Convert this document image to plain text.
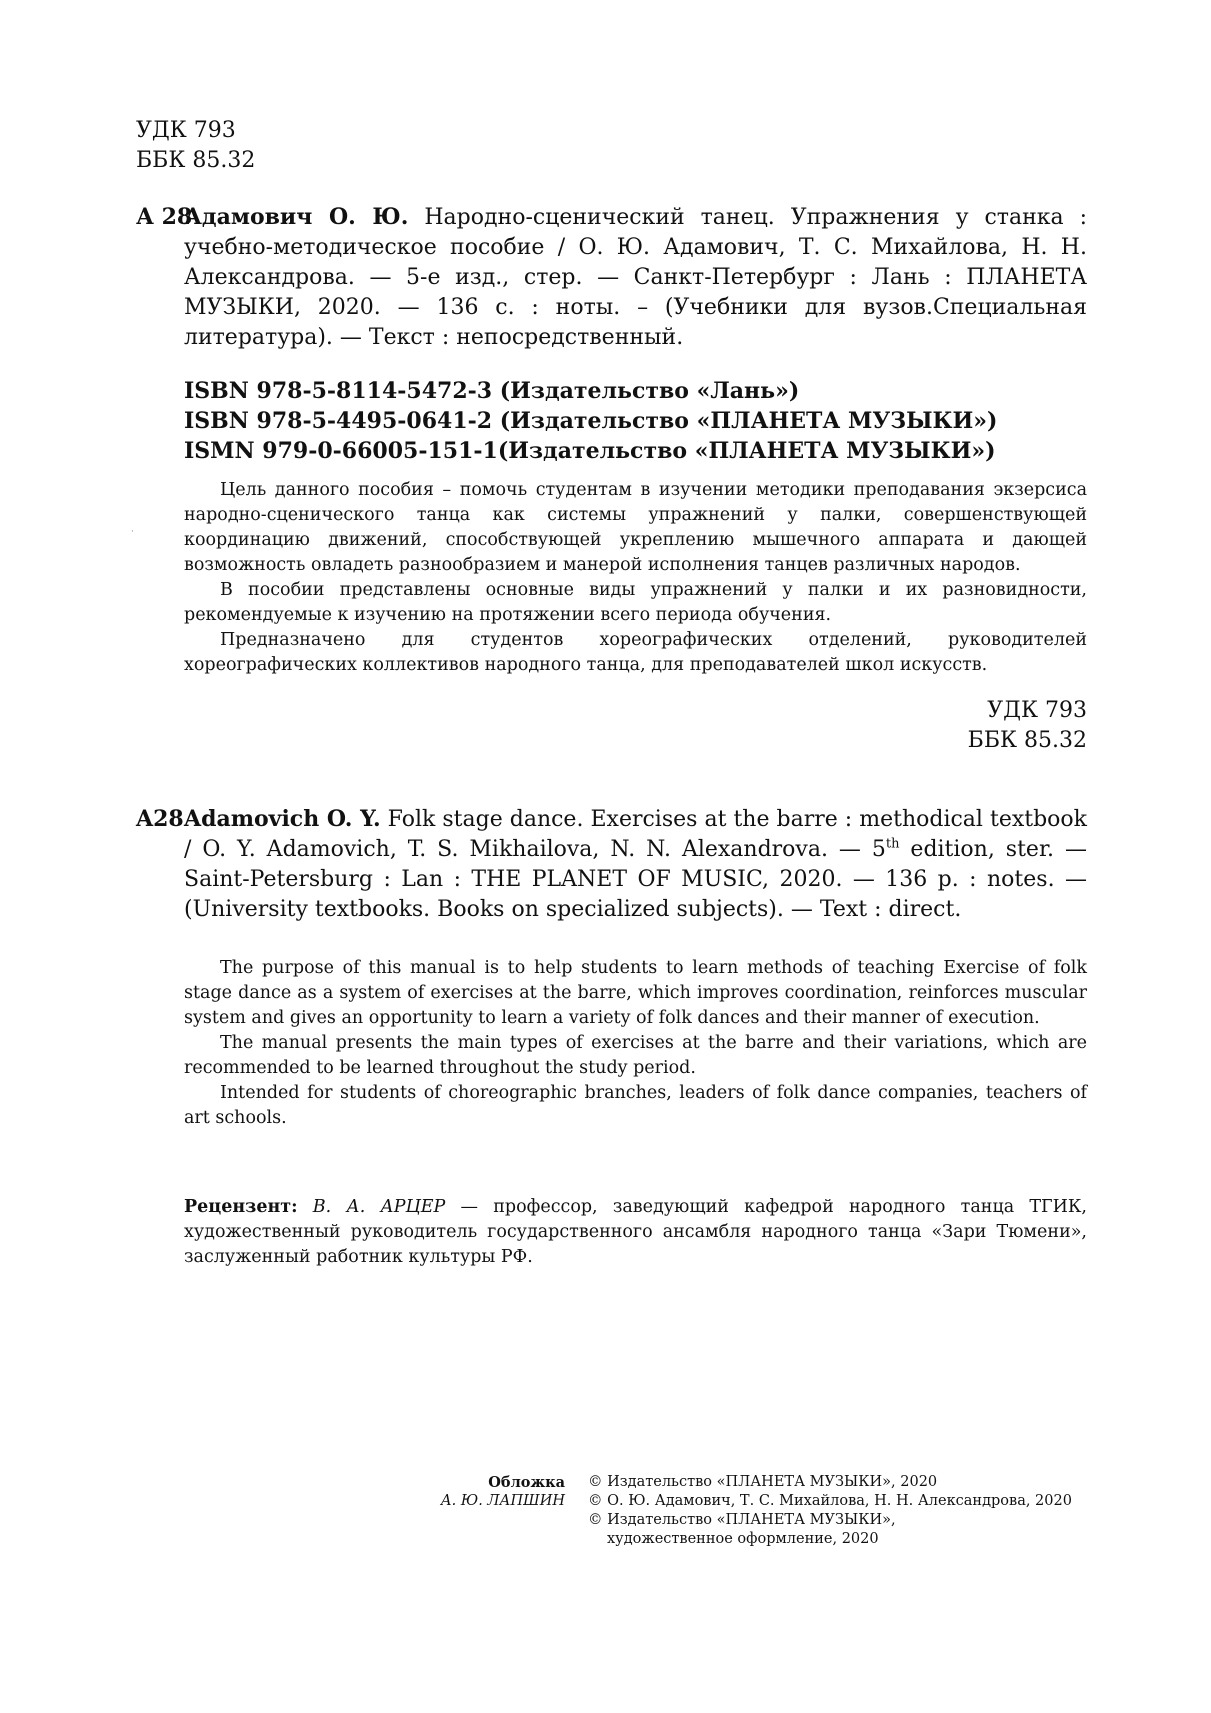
УДК 793
ББК 85.32
А 28
Адамович О. Ю. Народно-сценический танец. Упражнения у станка : учебно-методическое пособие / О. Ю. Адамович, Т. С. Михайлова, Н. Н. Александрова. — 5-е изд., стер. — Санкт-Петербург : Лань : ПЛАНЕТА МУЗЫКИ, 2020. — 136 с. : ноты. – (Учебники для вузов.Специальная литература). — Текст : непосредственный.
ISBN 978-5-8114-5472-3 (Издательство «Лань»)
ISBN 978-5-4495-0641-2 (Издательство «ПЛАНЕТА МУЗЫКИ»)
ISMN 979-0-66005-151-1(Издательство «ПЛАНЕТА МУЗЫКИ»)
·

Цель данного пособия – помочь студентам в изучении методики преподавания экзерсиса народно-сценического танца как системы упражнений у палки, совершенствующей координацию движений, способствующей укреплению мышечного аппарата и дающей возможность овладеть разнообразием и манерой исполнения танцев различных народов.

В пособии представлены основные виды упражнений у палки и их разновидности, рекомендуемые к изучению на протяжении всего периода обучения.

Предназначено для студентов хореографических отделений, руководителей хореографических коллективов народного танца, для преподавателей школ искусств.

УДК 793
ББК 85.32
A28 Adamovich O. Y. Folk stage dance. Exercises at the barre : methodical textbook / O. Y. Adamovich, T. S. Mikhailova, N. N. Alexandrova. — 5th edition, ster. — Saint-Petersburg : Lan : THE PLANET OF MUSIC, 2020. — 136 p. : notes. — (University textbooks. Books on specialized subjects). — Text : direct.

The purpose of this manual is to help students to learn methods of teaching Exercise of folk stage dance as a system of exercises at the barre, which improves coordination, reinforces muscular system and gives an opportunity to learn a variety of folk dances and their manner of execution.

The manual presents the main types of exercises at the barre and their variations, which are recommended to be learned throughout the study period.

Intended for students of choreographic branches, leaders of folk dance companies, teachers of art schools.

Рецензент: В. А. АРЦЕР — профессор, заведующий кафедрой народного танца ТГИК, художественный руководитель государственного ансамбля народного танца «Зари Тюмени», заслуженный работник культуры РФ.
Обложка
А. Ю. ЛАПШИН
© Издательство «ПЛАНЕТА МУЗЫКИ», 2020
© О. Ю. Адамович, Т. С. Михайлова, Н. Н. Александрова, 2020
© Издательство «ПЛАНЕТА МУЗЫКИ»,
художественное оформление, 2020
